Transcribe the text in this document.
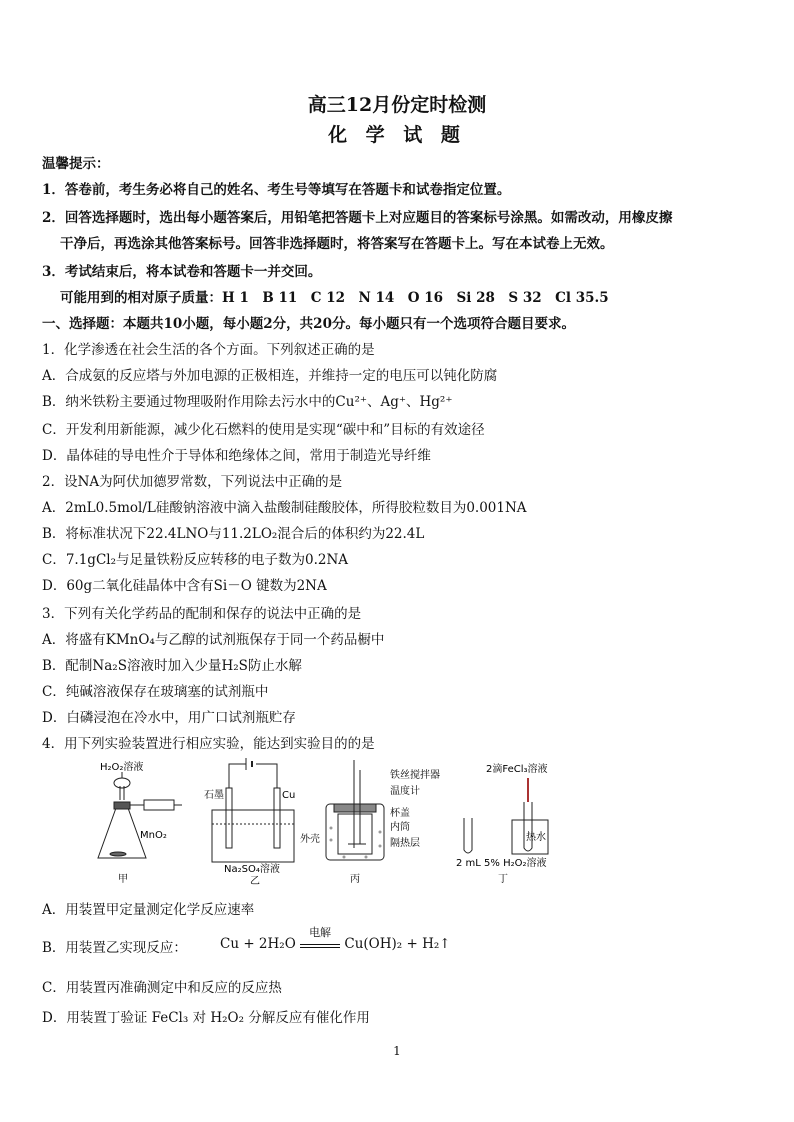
高三12月份定时检测
化 学 试 题
温馨提示：
1．答卷前，考生务必将自己的姓名、考生号等填写在答题卡和试卷指定位置。
2．回答选择题时，选出每小题答案后，用铅笔把答题卡上对应题目的答案标号涂黑。如需改动，用橡皮擦
干净后，再选涂其他答案标号。回答非选择题时，将答案写在答题卡上。写在本试卷上无效。
3．考试结束后，将本试卷和答题卡一并交回。
可能用到的相对原子质量：H 1　B 11　C 12　N 14　O 16　Si 28　S 32　Cl 35.5
一、选择题：本题共10小题，每小题2分，共20分。每小题只有一个选项符合题目要求。
1．化学渗透在社会生活的各个方面。下列叙述正确的是
A．合成氨的反应塔与外加电源的正极相连，并维持一定的电压可以钝化防腐
B．纳米铁粉主要通过物理吸附作用除去污水中的Cu²⁺、Ag⁺、Hg²⁺
C．开发利用新能源，减少化石燃料的使用是实现“碳中和”目标的有效途径
D．晶体硅的导电性介于导体和绝缘体之间，常用于制造光导纤维
2．设NA为阿伏加德罗常数，下列说法中正确的是
A．2mL0.5mol/L硅酸钠溶液中滴入盐酸制硅酸胶体，所得胶粒数目为0.001NA
B．将标准状况下22.4LNO与11.2LO₂混合后的体积约为22.4L
C．7.1gCl₂与足量铁粉反应转移的电子数为0.2NA
D．60g二氧化硅晶体中含有Si－O 键数为2NA
3．下列有关化学药品的配制和保存的说法中正确的是
A．将盛有KMnO₄与乙醇的试剂瓶保存于同一个药品橱中
B．配制Na₂S溶液时加入少量H₂S防止水解
C．纯碱溶液保存在玻璃塞的试剂瓶中
D．白磷浸泡在冷水中，用广口试剂瓶贮存
4．用下列实验装置进行相应实验，能达到实验目的的是
H₂O₂溶液
MnO₂
甲
石墨	Cu
Na₂SO₄溶液
乙
铁丝搅拌器
温度计
杯盖
内筒
外壳	隔热层
丙
2滴FeCl₃溶液
热水
2 mL 5% H₂O₂溶液
丁
A．用装置甲定量测定化学反应速率
B．用装置乙实现反应： Cu + 2H₂O
电解
Cu(OH)₂ + H₂↑
C．用装置丙准确测定中和反应的反应热
D．用装置丁验证 FeCl₃ 对 H₂O₂ 分解反应有催化作用
1
